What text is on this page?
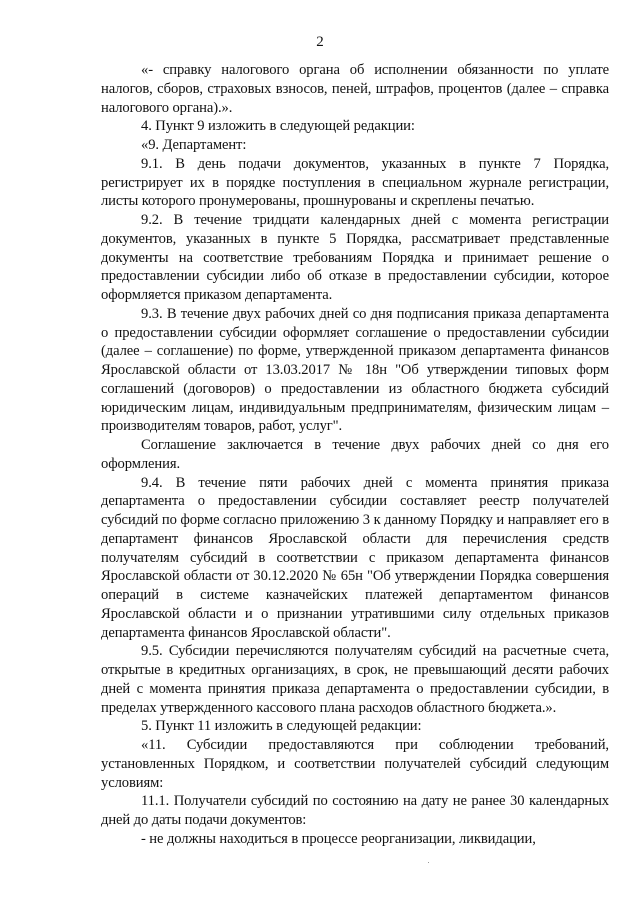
2

«- справку налогового органа об исполнении обязанности по уплате налогов, сборов, страховых взносов, пеней, штрафов, процентов (далее – справка налогового органа).».

4. Пункт 9 изложить в следующей редакции:

«9. Департамент:

9.1. В день подачи документов, указанных в пункте 7 Порядка, регистрирует их в порядке поступления в специальном журнале регистрации, листы которого пронумерованы, прошнурованы и скреплены печатью.

9.2. В течение тридцати календарных дней с момента регистрации документов, указанных в пункте 5 Порядка, рассматривает представленные документы на соответствие требованиям Порядка и принимает решение о предоставлении субсидии либо об отказе в предоставлении субсидии, которое оформляется приказом департамента.

9.3. В течение двух рабочих дней со дня подписания приказа департамента о предоставлении субсидии оформляет соглашение о предоставлении субсидии (далее – соглашение) по форме, утвержденной приказом департамента финансов Ярославской области от 13.03.2017 № 18н "Об утверждении типовых форм соглашений (договоров) о предоставлении из областного бюджета субсидий юридическим лицам, индивидуальным предпринимателям, физическим лицам – производителям товаров, работ, услуг".

Соглашение заключается в течение двух рабочих дней со дня его оформления.

9.4. В течение пяти рабочих дней с момента принятия приказа департамента о предоставлении субсидии составляет реестр получателей субсидий по форме согласно приложению 3 к данному Порядку и направляет его в департамент финансов Ярославской области для перечисления средств получателям субсидий в соответствии с приказом департамента финансов Ярославской области от 30.12.2020 № 65н "Об утверждении Порядка совершения операций в системе казначейских платежей департаментом финансов Ярославской области и о признании утратившими силу отдельных приказов департамента финансов Ярославской области".

9.5. Субсидии перечисляются получателям субсидий на расчетные счета, открытые в кредитных организациях, в срок, не превышающий десяти рабочих дней с момента принятия приказа департамента о предоставлении субсидии, в пределах утвержденного кассового плана расходов областного бюджета.».

5. Пункт 11 изложить в следующей редакции:

«11. Субсидии предоставляются при соблюдении требований, установленных Порядком, и соответствии получателей субсидий следующим условиям:

11.1. Получатели субсидий по состоянию на дату не ранее 30 календарных дней до даты подачи документов:

- не должны находиться в процессе реорганизации, ликвидации,
